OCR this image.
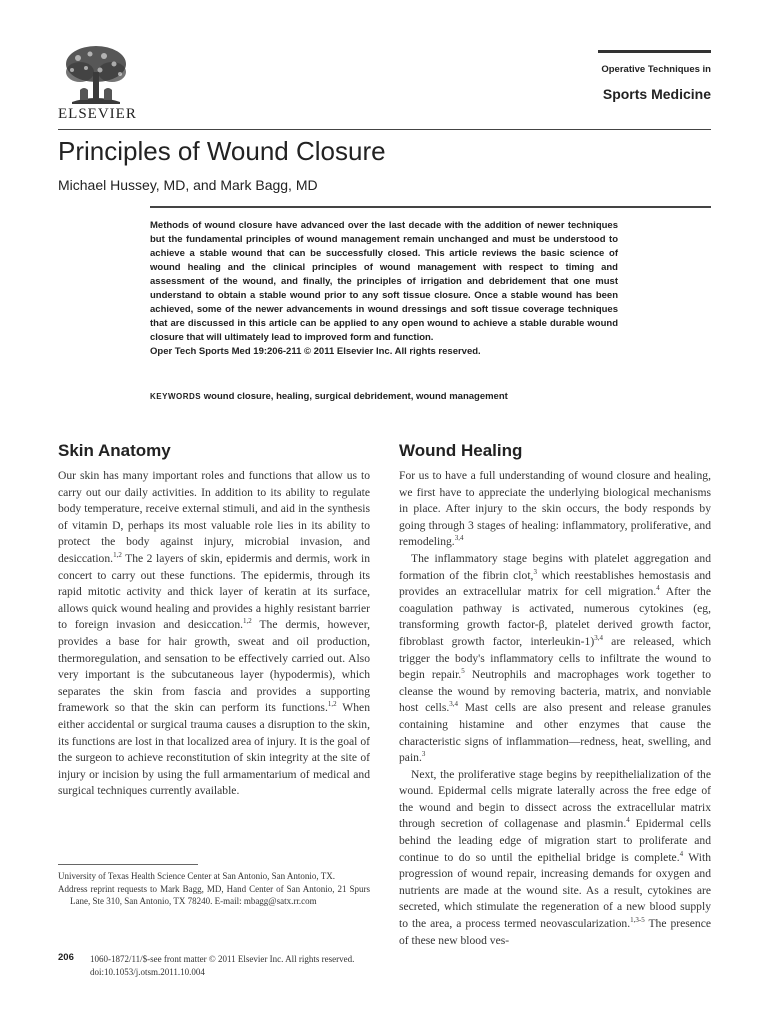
ELSEVIER
Operative Techniques in
Sports Medicine
Principles of Wound Closure
Michael Hussey, MD, and Mark Bagg, MD

Methods of wound closure have advanced over the last decade with the addition of newer techniques but the fundamental principles of wound management remain unchanged and must be understood to achieve a stable wound that can be successfully closed. This article reviews the basic science of wound healing and the clinical principles of wound management with respect to timing and assessment of the wound, and finally, the principles of irrigation and debridement that one must understand to obtain a stable wound prior to any soft tissue closure. Once a stable wound has been achieved, some of the newer advancements in wound dressings and soft tissue coverage techniques that are discussed in this article can be applied to any open wound to achieve a stable durable wound closure that will ultimately lead to improved form and function.

Oper Tech Sports Med 19:206-211 © 2011 Elsevier Inc. All rights reserved.

KEYWORDS wound closure, healing, surgical debridement, wound management
Skin Anatomy

Our skin has many important roles and functions that allow us to carry out our daily activities. In addition to its ability to regulate body temperature, receive external stimuli, and aid in the synthesis of vitamin D, perhaps its most valuable role lies in its ability to protect the body against injury, microbial invasion, and desiccation.$^{1,2}$ The 2 layers of skin, epidermis and dermis, work in concert to carry out these functions. The epidermis, through its rapid mitotic activity and thick layer of keratin at its surface, allows quick wound healing and provides a highly resistant barrier to foreign invasion and desiccation.$^{1,2}$ The dermis, however, provides a base for hair growth, sweat and oil production, thermoregulation, and sensation to be effectively carried out. Also very important is the subcutaneous layer (hypodermis), which separates the skin from fascia and provides a supporting framework so that the skin can perform its functions.$^{1,2}$ When either accidental or surgical trauma causes a disruption to the skin, its functions are lost in that localized area of injury. It is the goal of the surgeon to achieve reconstitution of skin integrity at the site of injury or incision by using the full armamentarium of medical and surgical techniques currently available.

University of Texas Health Science Center at San Antonio, San Antonio, TX.

Address reprint requests to Mark Bagg, MD, Hand Center of San Antonio, 21 Spurs Lane, Ste 310, San Antonio, TX 78240. E-mail: mbagg@satx.rr.com

Wound Healing

For us to have a full understanding of wound closure and healing, we first have to appreciate the underlying biological mechanisms in place. After injury to the skin occurs, the body responds by going through 3 stages of healing: inflammatory, proliferative, and remodeling.$^{3,4}$

The inflammatory stage begins with platelet aggregation and formation of the fibrin clot,$^3$ which reestablishes hemostasis and provides an extracellular matrix for cell migration.$^4$ After the coagulation pathway is activated, numerous cytokines (eg, transforming growth factor-β, platelet derived growth factor, fibroblast growth factor, interleukin-1)$^{3,4}$ are released, which trigger the body's inflammatory cells to infiltrate the wound to begin repair.$^5$ Neutrophils and macrophages work together to cleanse the wound by removing bacteria, matrix, and nonviable host cells.$^{3,4}$ Mast cells are also present and release granules containing histamine and other enzymes that cause the characteristic signs of inflammation—redness, heat, swelling, and pain.$^3$

Next, the proliferative stage begins by reepithelialization of the wound. Epidermal cells migrate laterally across the free edge of the wound and begin to dissect across the extracellular matrix through secretion of collagenase and plasmin.$^4$ Epidermal cells behind the leading edge of migration start to proliferate and continue to do so until the epithelial bridge is complete.$^4$ With progression of wound repair, increasing demands for oxygen and nutrients are made at the wound site. As a result, cytokines are secreted, which stimulate the regeneration of a new blood supply to the area, a process termed neovascularization.$^{1,3-5}$ The presence of these new blood ves-

206 1060-1872/11/$-see front matter © 2011 Elsevier Inc. All rights reserved.

doi:10.1053/j.otsm.2011.10.004
